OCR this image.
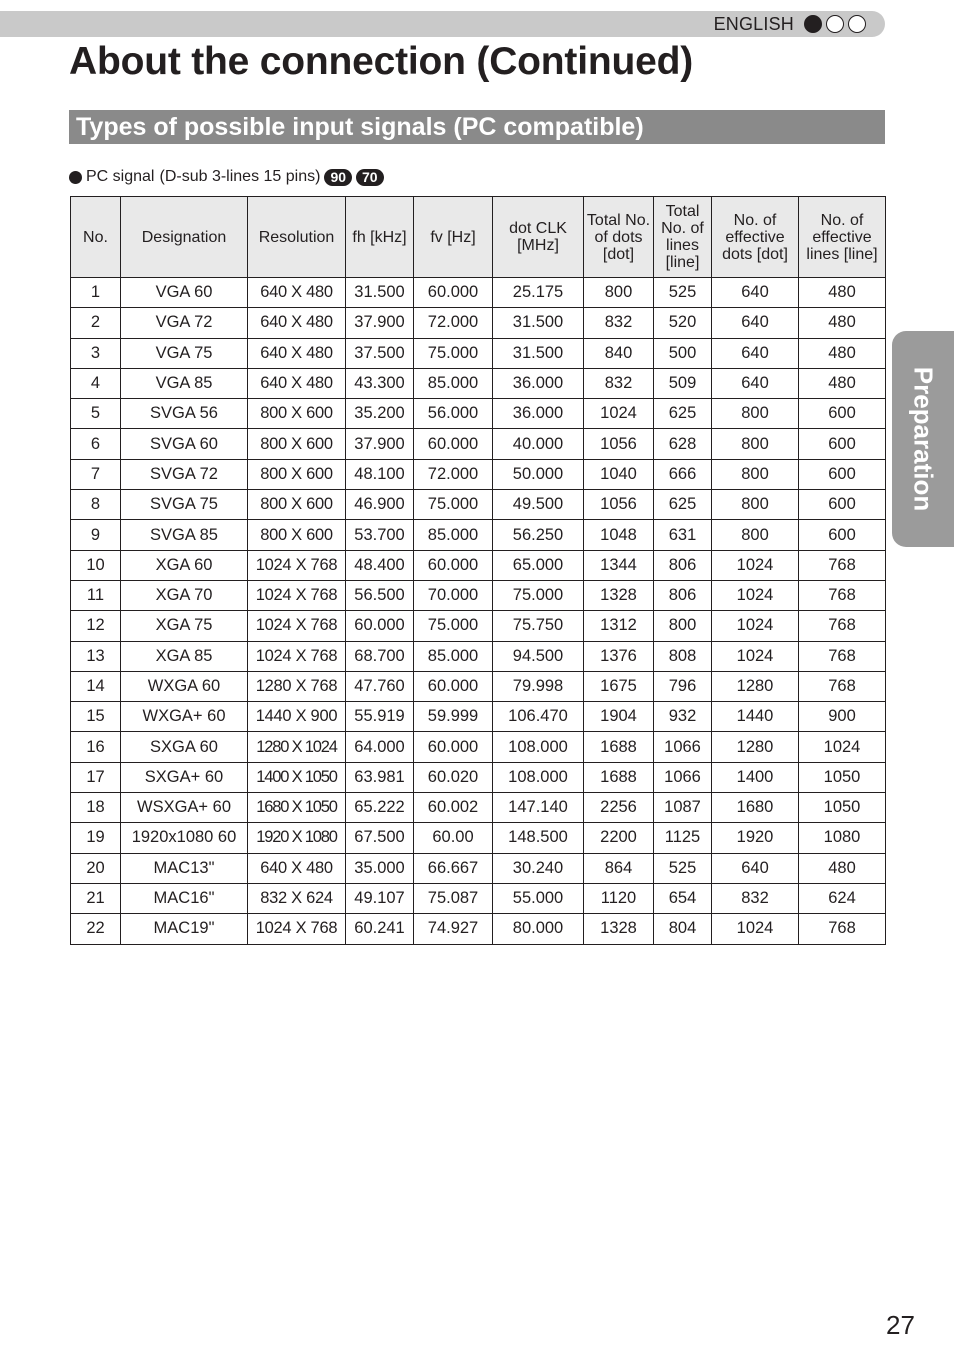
ENGLISH
About the connection (Continued)
Types of possible input signals (PC compatible)
PC signal (D-sub 3-lines 15 pins) 90	70
No.	Designation	Resolution	fh [kHz]	fv [Hz]	dot CLK [MHz]	Total No. of dots [dot]	Total No. of lines [line]	No. of effective dots [dot]	No. of effective lines [line]
1	VGA 60	640 X 480	31.500	60.000	25.175	800	525	640	480
2	VGA 72	640 X 480	37.900	72.000	31.500	832	520	640	480
3	VGA 75	640 X 480	37.500	75.000	31.500	840	500	640	480
4	VGA 85	640 X 480	43.300	85.000	36.000	832	509	640	480
5	SVGA 56	800 X 600	35.200	56.000	36.000	1024	625	800	600
6	SVGA 60	800 X 600	37.900	60.000	40.000	1056	628	800	600
7	SVGA 72	800 X 600	48.100	72.000	50.000	1040	666	800	600
8	SVGA 75	800 X 600	46.900	75.000	49.500	1056	625	800	600
9	SVGA 85	800 X 600	53.700	85.000	56.250	1048	631	800	600
10	XGA 60	1024 X 768	48.400	60.000	65.000	1344	806	1024	768
11	XGA 70	1024 X 768	56.500	70.000	75.000	1328	806	1024	768
12	XGA 75	1024 X 768	60.000	75.000	75.750	1312	800	1024	768
13	XGA 85	1024 X 768	68.700	85.000	94.500	1376	808	1024	768
14	WXGA 60	1280 X 768	47.760	60.000	79.998	1675	796	1280	768
15	WXGA+ 60	1440 X 900	55.919	59.999	106.470	1904	932	1440	900
16	SXGA 60	1280 X 1024	64.000	60.000	108.000	1688	1066	1280	1024
17	SXGA+ 60	1400 X 1050	63.981	60.020	108.000	1688	1066	1400	1050
18	WSXGA+ 60	1680 X 1050	65.222	60.002	147.140	2256	1087	1680	1050
19	1920x1080 60	1920 X 1080	67.500	60.00	148.500	2200	1125	1920	1080
20	MAC13"	640 X 480	35.000	66.667	30.240	864	525	640	480
21	MAC16"	832 X 624	49.107	75.087	55.000	1120	654	832	624
22	MAC19"	1024 X 768	60.241	74.927	80.000	1328	804	1024	768
Preparation
27
